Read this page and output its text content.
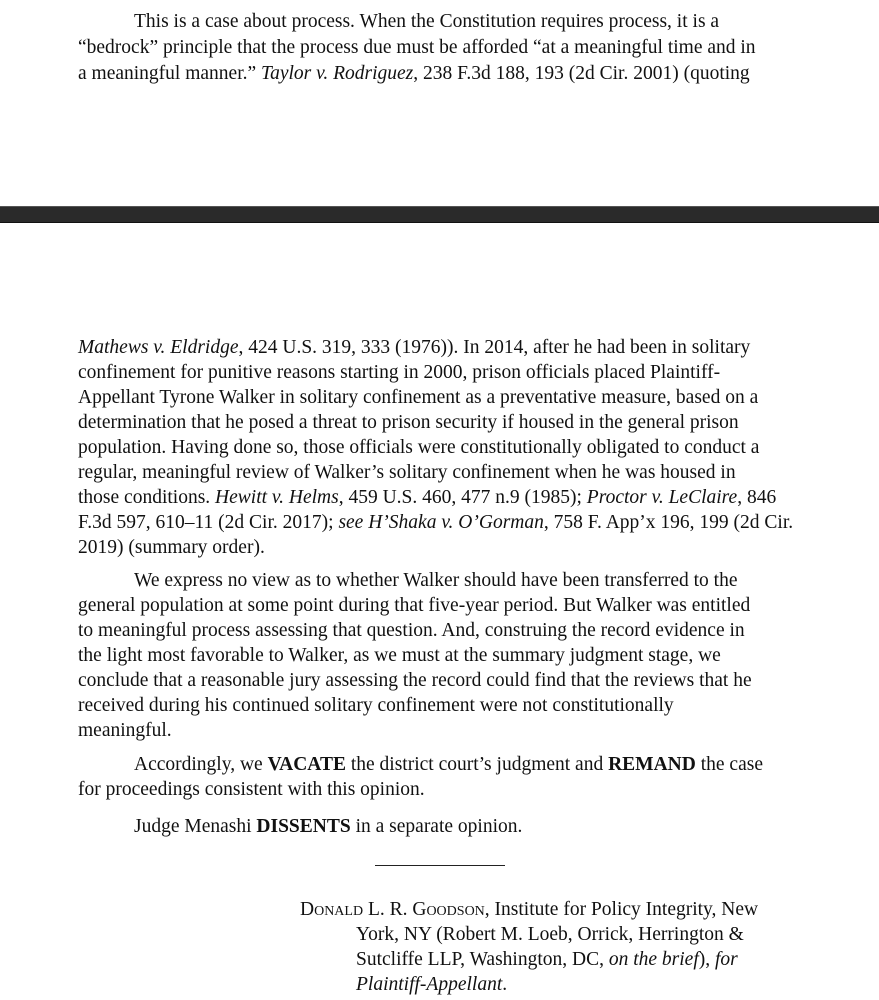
This is a case about process. When the Constitution requires process, it is a
“bedrock” principle that the process due must be afforded “at a meaningful time and in
a meaningful manner.” Taylor v. Rodriguez, 238 F.3d 188, 193 (2d Cir. 2001) (quoting
Mathews v. Eldridge, 424 U.S. 319, 333 (1976)). In 2014, after he had been in solitary
confinement for punitive reasons starting in 2000, prison officials placed Plaintiff-
Appellant Tyrone Walker in solitary confinement as a preventative measure, based on a
determination that he posed a threat to prison security if housed in the general prison
population. Having done so, those officials were constitutionally obligated to conduct a
regular, meaningful review of Walker’s solitary confinement when he was housed in
those conditions. Hewitt v. Helms, 459 U.S. 460, 477 n.9 (1985); Proctor v. LeClaire, 846
F.3d 597, 610–11 (2d Cir. 2017); see H’Shaka v. O’Gorman, 758 F. App’x 196, 199 (2d Cir.
2019) (summary order).
We express no view as to whether Walker should have been transferred to the
general population at some point during that five-year period. But Walker was entitled
to meaningful process assessing that question. And, construing the record evidence in
the light most favorable to Walker, as we must at the summary judgment stage, we
conclude that a reasonable jury assessing the record could find that the reviews that he
received during his continued solitary confinement were not constitutionally
meaningful.
Accordingly, we VACATE the district court’s judgment and REMAND the case
for proceedings consistent with this opinion.
Judge Menashi DISSENTS in a separate opinion.
Donald L. R. Goodson, Institute for Policy Integrity, New
York, NY (Robert M. Loeb, Orrick, Herrington &
Sutcliffe LLP, Washington, DC, on the brief), for
Plaintiff-Appellant.
